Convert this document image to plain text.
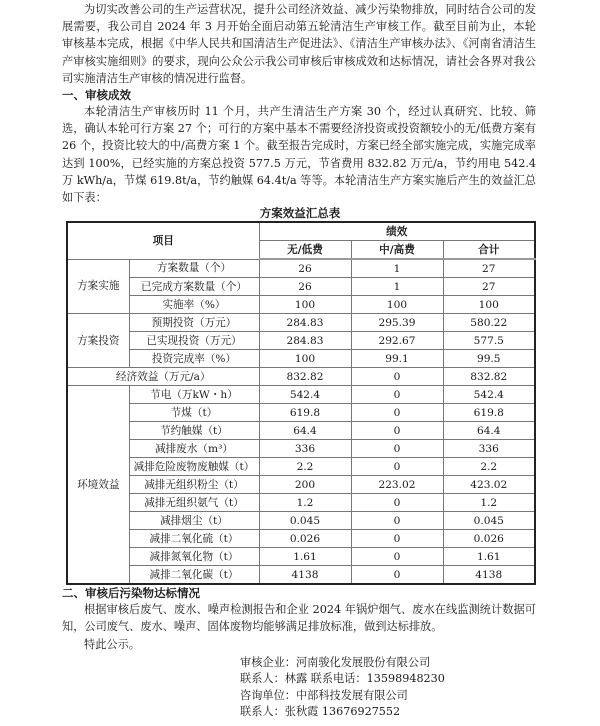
为切实改善公司的生产运营状况，提升公司经济效益、减少污染物排放，同时结合公司的发展需要，我公司自 2024 年 3 月开始全面启动第五轮清洁生产审核工作。截至目前为止，本轮审核基本完成，根据《中华人民共和国清洁生产促进法》、《清洁生产审核办法》、《河南省清洁生产审核实施细则》的要求，现向公众公示我公司审核后审核成效和达标情况，请社会各界对我公司实施清洁生产审核的情况进行监督。

一、审核成效

本轮清洁生产审核历时 11 个月，共产生清洁生产方案 30 个，经过认真研究、比较、筛选，确认本轮可行方案 27 个；可行的方案中基本不需要经济投资或投资额较小的无/低费方案有 26 个，投资比较大的中/高费方案 1 个。截至报告完成时，方案已经全部实施完成，实施完成率达到 100%，已经实施的方案总投资 577.5 万元，节省费用 832.82 万元/a，节约用电 542.4 万 kWh/a，节煤 619.8t/a，节约触媒 64.4t/a 等等。本轮清洁生产方案实施后产生的效益汇总如下表：

方案效益汇总表
项目		绩效		
		无/低费	中/高费	合计
方案实施	方案数量（个）	26	1	27
	已完成方案数量（个）	26	1	27
	实施率（%）	100	100	100
方案投资	预期投资（万元）	284.83	295.39	580.22
	已实现投资（万元）	284.83	292.67	577.5
	投资完成率（%）	100	99.1	99.5
经济效益（万元/a）		832.82	0	832.82
环境效益	节电（万kW・h）	542.4	0	542.4
	节煤（t）	619.8	0	619.8
	节约触媒（t）	64.4	0	64.4
	减排废水（m³）	336	0	336
	减排危险废物废触媒（t）	2.2	0	2.2
	减排无组织粉尘（t）	200	223.02	423.02
	减排无组织氨气（t）	1.2	0	1.2
	减排烟尘（t）	0.045	0	0.045
	减排二氧化硫（t）	0.026	0	0.026
	减排氮氧化物（t）	1.61	0	1.61
	减排二氧化碳（t）	4138	0	4138

二、审核后污染物达标情况

根据审核后废气、废水、噪声检测报告和企业 2024 年锅炉烟气、废水在线监测统计数据可知，公司废气、废水、噪声、固体废物均能够满足排放标准，做到达标排放。

特此公示。

审核企业：河南骏化发展股份有限公司

联系人：林露 联系电话：13598948230

咨询单位：中部科技发展有限公司

联系人：张秋霞 13676927552
